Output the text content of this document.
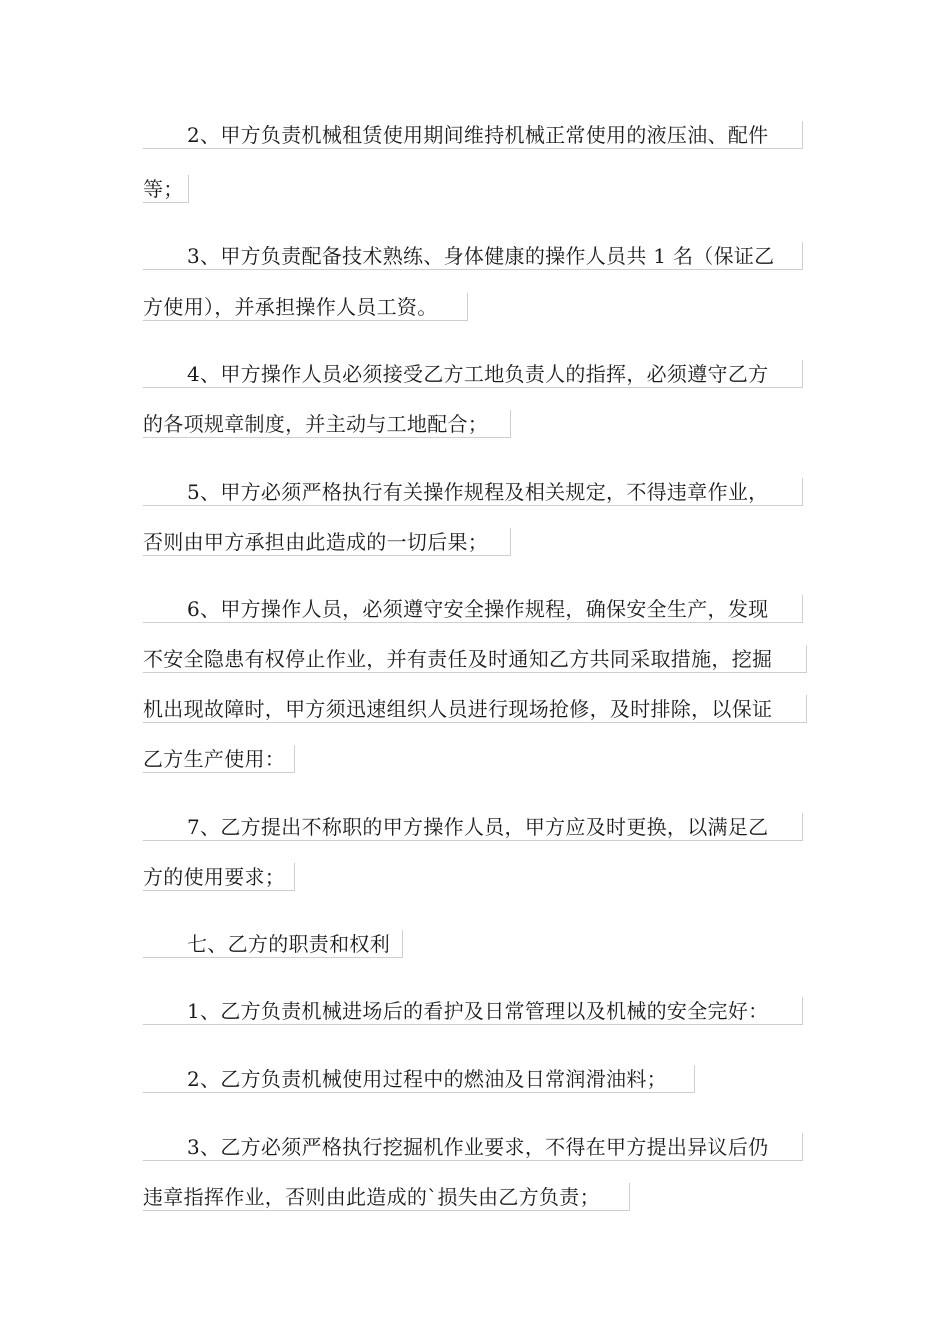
2、甲方负责机械租赁使用期间维持机械正常使用的液压油、配件
等；
3、甲方负责配备技术熟练、身体健康的操作人员共 1 名（保证乙
方使用），并承担操作人员工资。
4、甲方操作人员必须接受乙方工地负责人的指挥，必须遵守乙方
的各项规章制度，并主动与工地配合；
5、甲方必须严格执行有关操作规程及相关规定，不得违章作业，
否则由甲方承担由此造成的一切后果；
6、甲方操作人员，必须遵守安全操作规程，确保安全生产，发现
不安全隐患有权停止作业，并有责任及时通知乙方共同采取措施，挖掘
机出现故障时，甲方须迅速组织人员进行现场抢修，及时排除，以保证
乙方生产使用：
7、乙方提出不称职的甲方操作人员，甲方应及时更换，以满足乙
方的使用要求；
七、乙方的职责和权利
1、乙方负责机械进场后的看护及日常管理以及机械的安全完好：
2、乙方负责机械使用过程中的燃油及日常润滑油料；
3、乙方必须严格执行挖掘机作业要求，不得在甲方提出异议后仍
违章指挥作业，否则由此造成的`损失由乙方负责；
